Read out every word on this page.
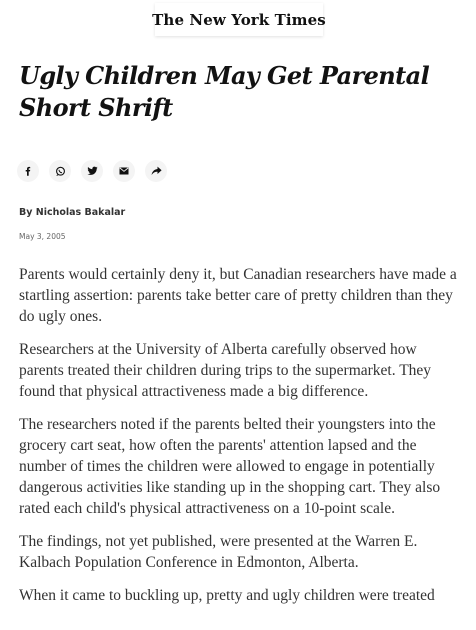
The New York Times
Ugly Children May Get Parental Short Shrift
By Nicholas Bakalar
May 3, 2005

Parents would certainly deny it, but Canadian researchers have made a startling assertion: parents take better care of pretty children than they do ugly ones.

Researchers at the University of Alberta carefully observed how parents treated their children during trips to the supermarket. They found that physical attractiveness made a big difference.

The researchers noted if the parents belted their youngsters into the grocery cart seat, how often the parents' attention lapsed and the number of times the children were allowed to engage in potentially dangerous activities like standing up in the shopping cart. They also rated each child's physical attractiveness on a 10-point scale.

The findings, not yet published, were presented at the Warren E. Kalbach Population Conference in Edmonton, Alberta.

When it came to buckling up, pretty and ugly children were treated
